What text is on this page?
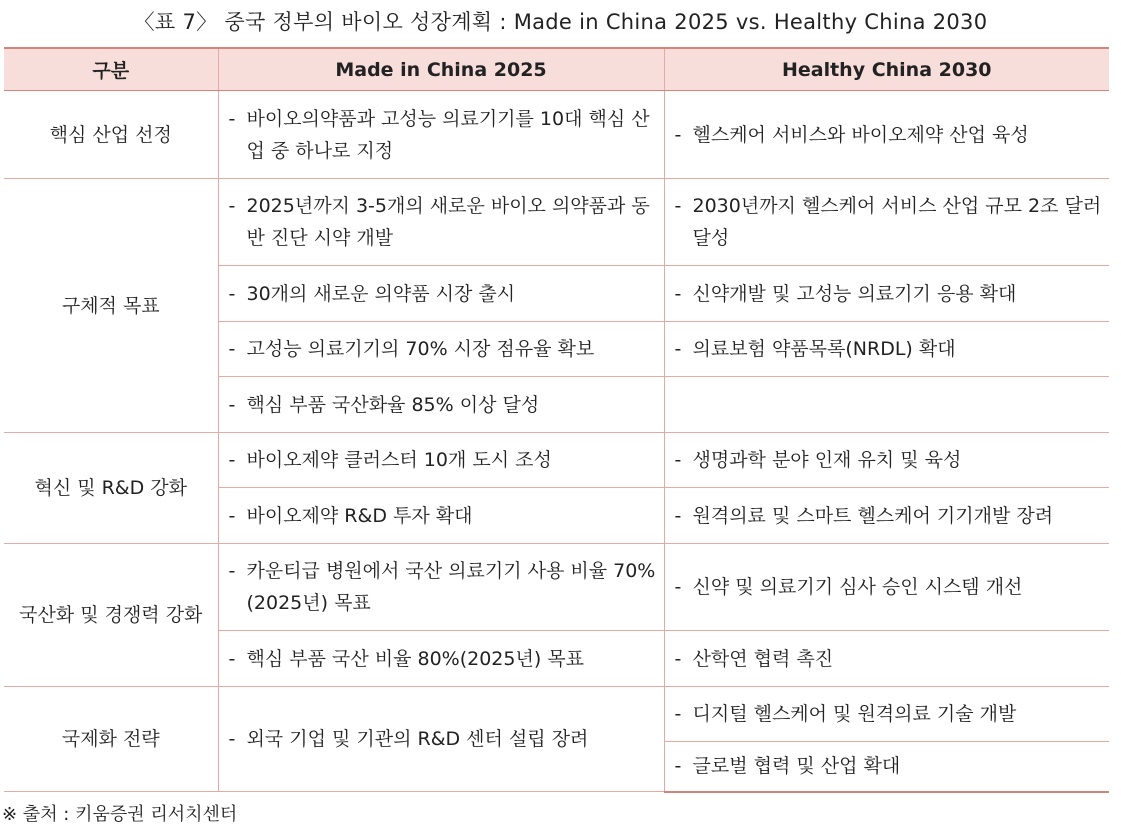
〈표 7〉 중국 정부의 바이오 성장계획 : Made in China 2025 vs. Healthy China 2030
구분	Made in China 2025	Healthy China 2030
핵심 산업 선정	- 바이오의약품과 고성능 의료기기를 10대 핵심 산업 중 하나로 지정	- 헬스케어 서비스와 바이오제약 산업 육성

구체적 목표	- 2025년까지 3-5개의 새로운 바이오 의약품과 동반 진단 시약 개발	- 2030년까지 헬스케어 서비스 산업 규모 2조 달러 달성

	- 30개의 새로운 의약품 시장 출시	- 신약개발 및 고성능 의료기기 응용 확대

	- 고성능 의료기기의 70% 시장 점유율 확보	- 의료보험 약품목록(NRDL) 확대

	- 핵심 부품 국산화율 85% 이상 달성	

혁신 및 R&D 강화	- 바이오제약 클러스터 10개 도시 조성	- 생명과학 분야 인재 유치 및 육성

	- 바이오제약 R&D 투자 확대	- 원격의료 및 스마트 헬스케어 기기개발 장려

국산화 및 경쟁력 강화	- 카운티급 병원에서 국산 의료기기 사용 비율 70%(2025년) 목표	- 신약 및 의료기기 심사 승인 시스템 개선

	- 핵심 부품 국산 비율 80%(2025년) 목표	- 산학연 협력 촉진

국제화 전략	- 외국 기업 및 기관의 R&D 센터 설립 장려	- 디지털 헬스케어 및 원격의료 기술 개발

		- 글로벌 협력 및 산업 확대
※ 출처 : 키움증권 리서치센터
